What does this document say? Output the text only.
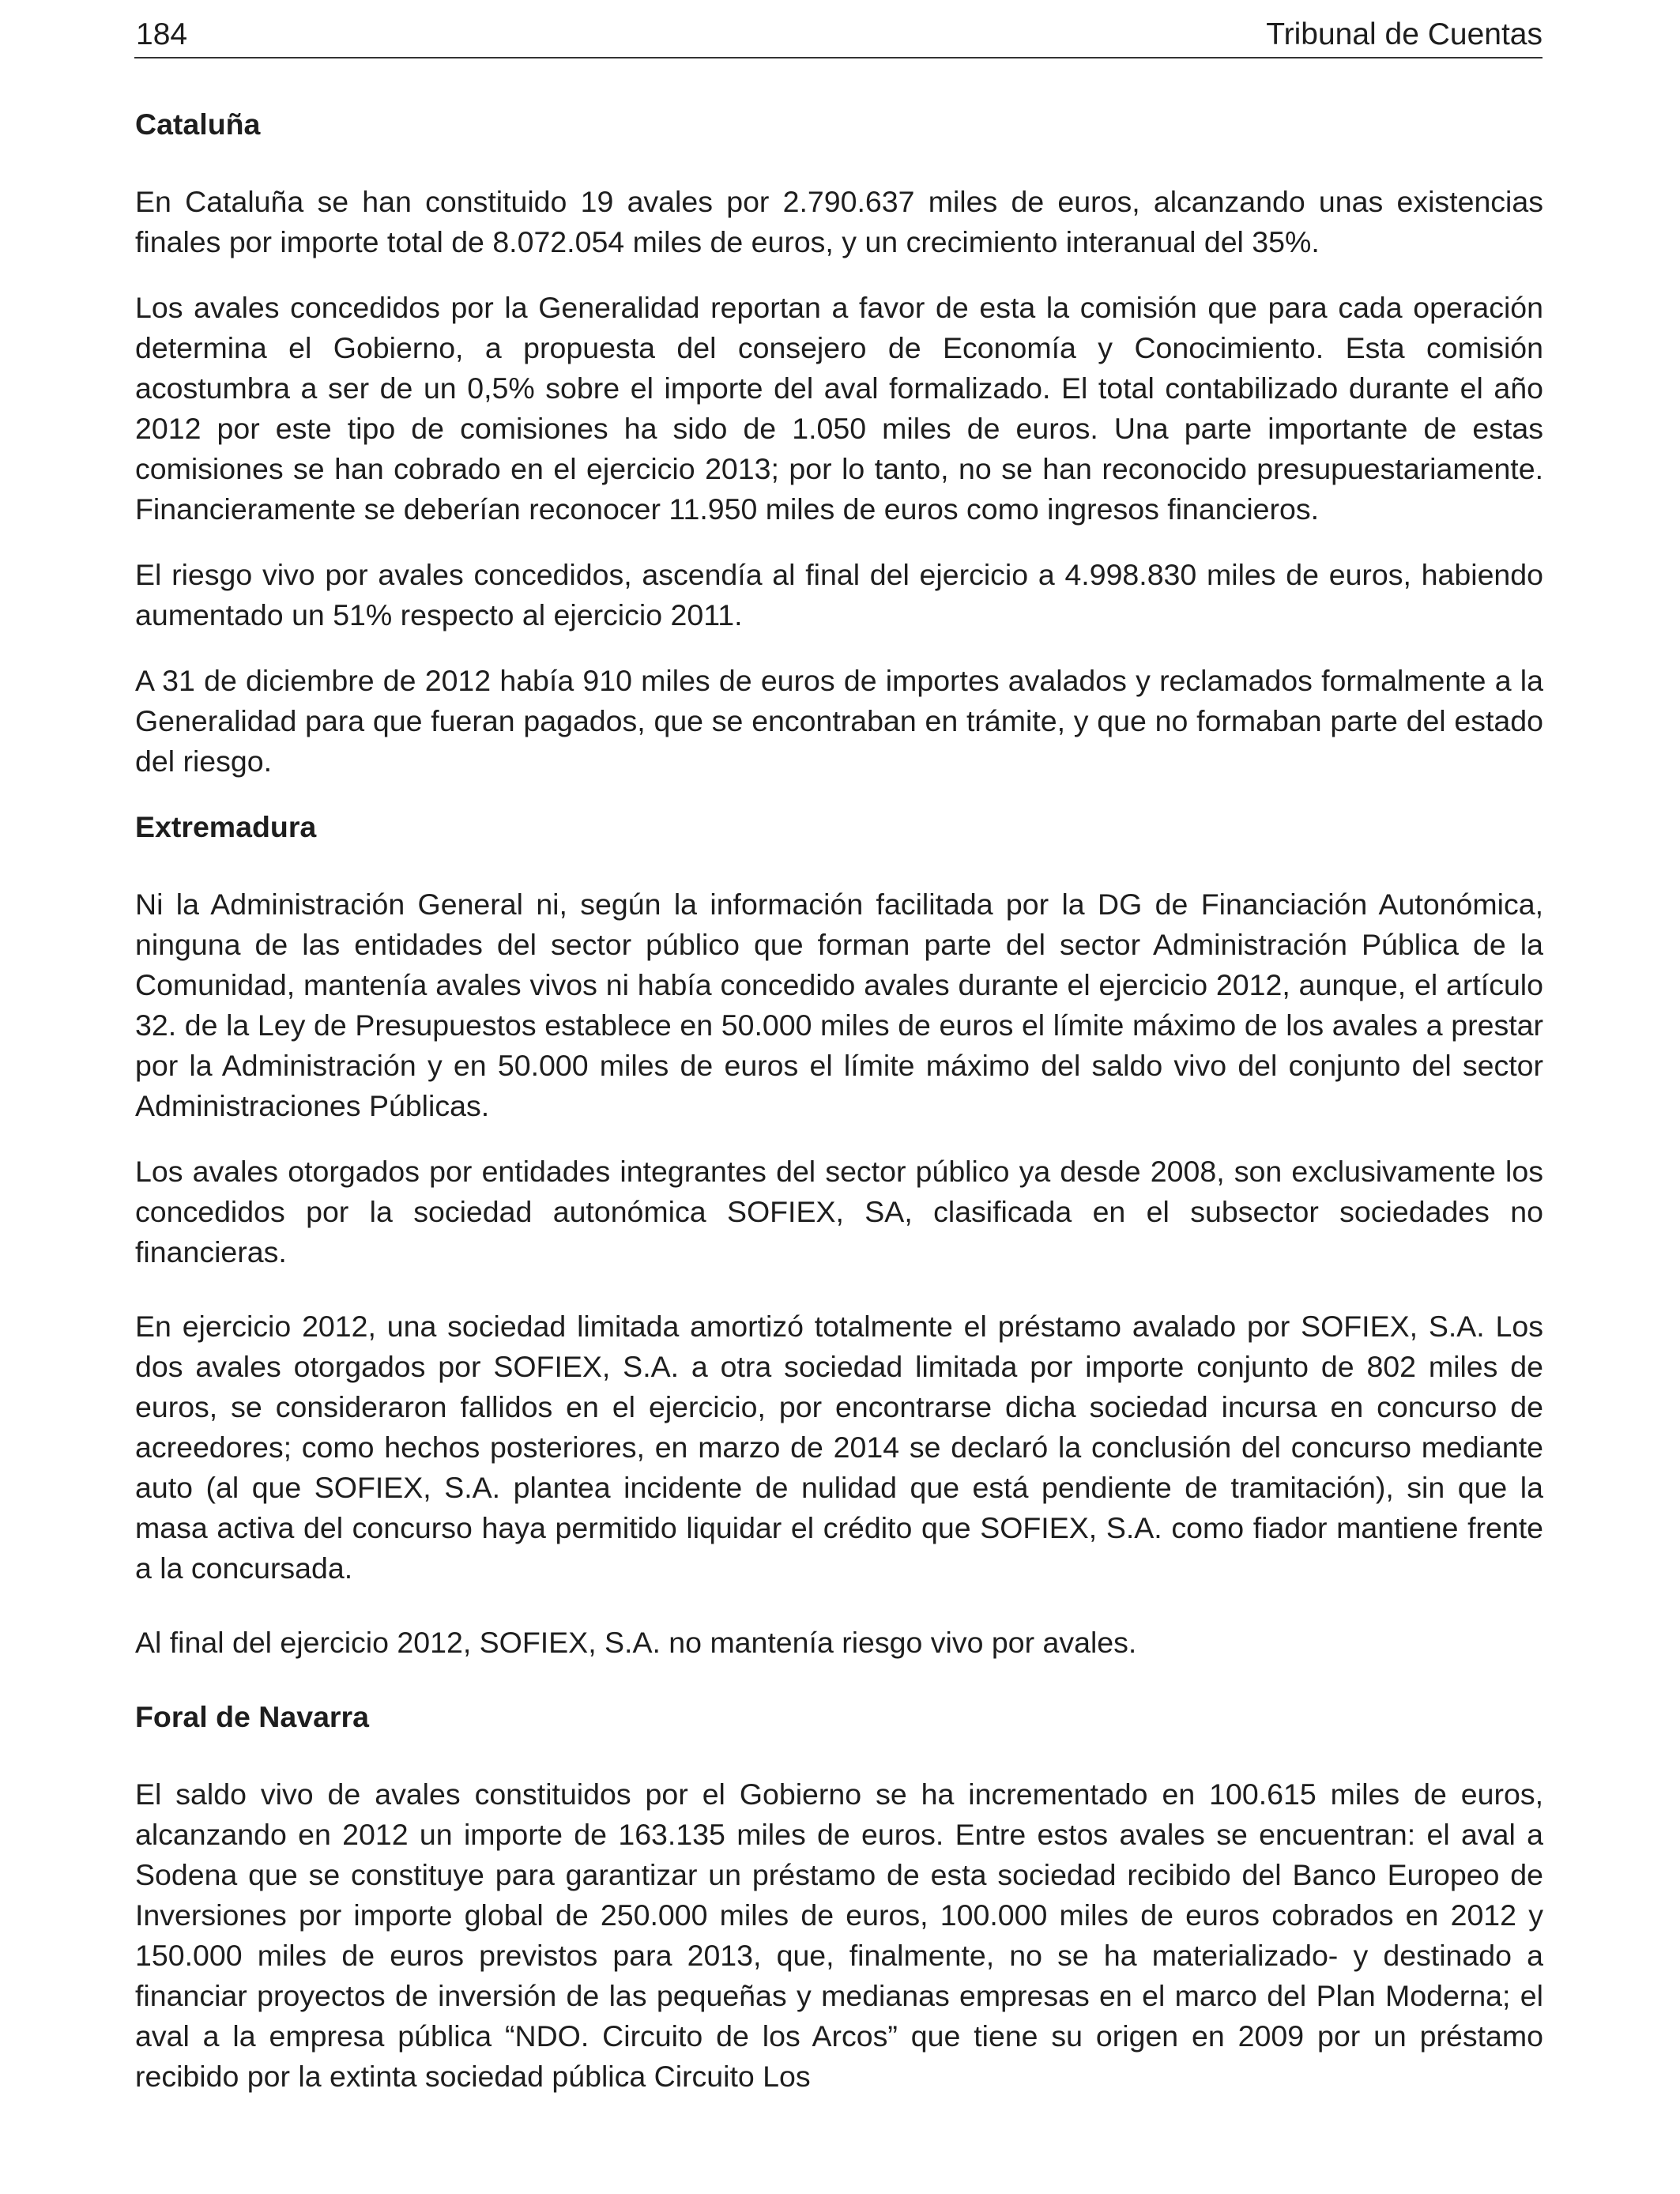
184	Tribunal de Cuentas
Cataluña

En Cataluña se han constituido 19 avales por 2.790.637 miles de euros, alcanzando unas existencias finales por importe total de 8.072.054 miles de euros, y un crecimiento interanual del 35%.

Los avales concedidos por la Generalidad reportan a favor de esta la comisión que para cada operación determina el Gobierno, a propuesta del consejero de Economía y Conocimiento. Esta comisión acostumbra a ser de un 0,5% sobre el importe del aval formalizado. El total contabilizado durante el año 2012 por este tipo de comisiones ha sido de 1.050 miles de euros. Una parte importante de estas comisiones se han cobrado en el ejercicio 2013; por lo tanto, no se han reconocido presupuestariamente. Financieramente se deberían reconocer 11.950 miles de euros como ingresos financieros.

El riesgo vivo por avales concedidos, ascendía al final del ejercicio a 4.998.830 miles de euros, habiendo aumentado un 51% respecto al ejercicio 2011.

A 31 de diciembre de 2012 había 910 miles de euros de importes avalados y reclamados formalmente a la Generalidad para que fueran pagados, que se encontraban en trámite, y que no formaban parte del estado del riesgo.

Extremadura

Ni la Administración General ni, según la información facilitada por la DG de Financiación Autonómica, ninguna de las entidades del sector público que forman parte del sector Administración Pública de la Comunidad, mantenía avales vivos ni había concedido avales durante el ejercicio 2012, aunque, el artículo 32. de la Ley de Presupuestos establece en 50.000 miles de euros el límite máximo de los avales a prestar por la Administración y en 50.000 miles de euros el límite máximo del saldo vivo del conjunto del sector Administraciones Públicas.

Los avales otorgados por entidades integrantes del sector público ya desde 2008, son exclusivamente los concedidos por la sociedad autonómica SOFIEX, SA, clasificada en el subsector sociedades no financieras.

En ejercicio 2012, una sociedad limitada amortizó totalmente el préstamo avalado por SOFIEX, S.A. Los dos avales otorgados por SOFIEX, S.A. a otra sociedad limitada por importe conjunto de 802 miles de euros, se consideraron fallidos en el ejercicio, por encontrarse dicha sociedad incursa en concurso de acreedores; como hechos posteriores, en marzo de 2014 se declaró la conclusión del concurso mediante auto (al que SOFIEX, S.A. plantea incidente de nulidad que está pendiente de tramitación), sin que la masa activa del concurso haya permitido liquidar el crédito que SOFIEX, S.A. como fiador mantiene frente a la concursada.

Al final del ejercicio 2012, SOFIEX, S.A. no mantenía riesgo vivo por avales.

Foral de Navarra

El saldo vivo de avales constituidos por el Gobierno se ha incrementado en 100.615 miles de euros, alcanzando en 2012 un importe de 163.135 miles de euros. Entre estos avales se encuentran: el aval a Sodena que se constituye para garantizar un préstamo de esta sociedad recibido del Banco Europeo de Inversiones por importe global de 250.000 miles de euros, 100.000 miles de euros cobrados en 2012 y 150.000 miles de euros previstos para 2013, que, finalmente, no se ha materializado- y destinado a financiar proyectos de inversión de las pequeñas y medianas empresas en el marco del Plan Moderna; el aval a la empresa pública “NDO. Circuito de los Arcos” que tiene su origen en 2009 por un préstamo recibido por la extinta sociedad pública Circuito Los
